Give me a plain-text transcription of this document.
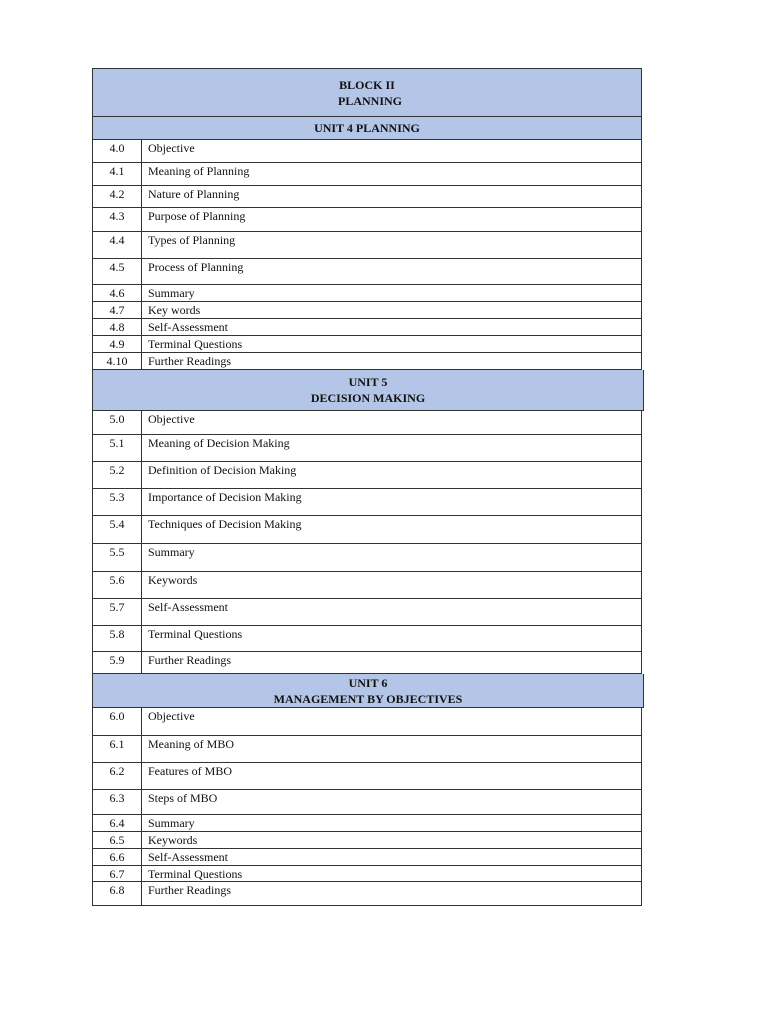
BLOCK II
PLANNING
UNIT 4 PLANNING
4.0	Objective
4.1	Meaning of Planning
4.2	Nature of Planning
4.3	Purpose of Planning
4.4	Types of Planning
4.5	Process of Planning
4.6	Summary
4.7	Key words
4.8	Self-Assessment
4.9	Terminal Questions
4.10	Further Readings
UNIT 5
DECISION MAKING
5.0	Objective
5.1	Meaning of Decision Making
5.2	Definition of Decision Making
5.3	Importance of Decision Making
5.4	Techniques of Decision Making
5.5	Summary
5.6	Keywords
5.7	Self-Assessment
5.8	Terminal Questions
5.9	Further Readings
UNIT 6
MANAGEMENT BY OBJECTIVES
6.0	Objective
6.1	Meaning of MBO
6.2	Features of MBO
6.3	Steps of MBO
6.4	Summary
6.5	Keywords
6.6	Self-Assessment
6.7	Terminal Questions
6.8	Further Readings
